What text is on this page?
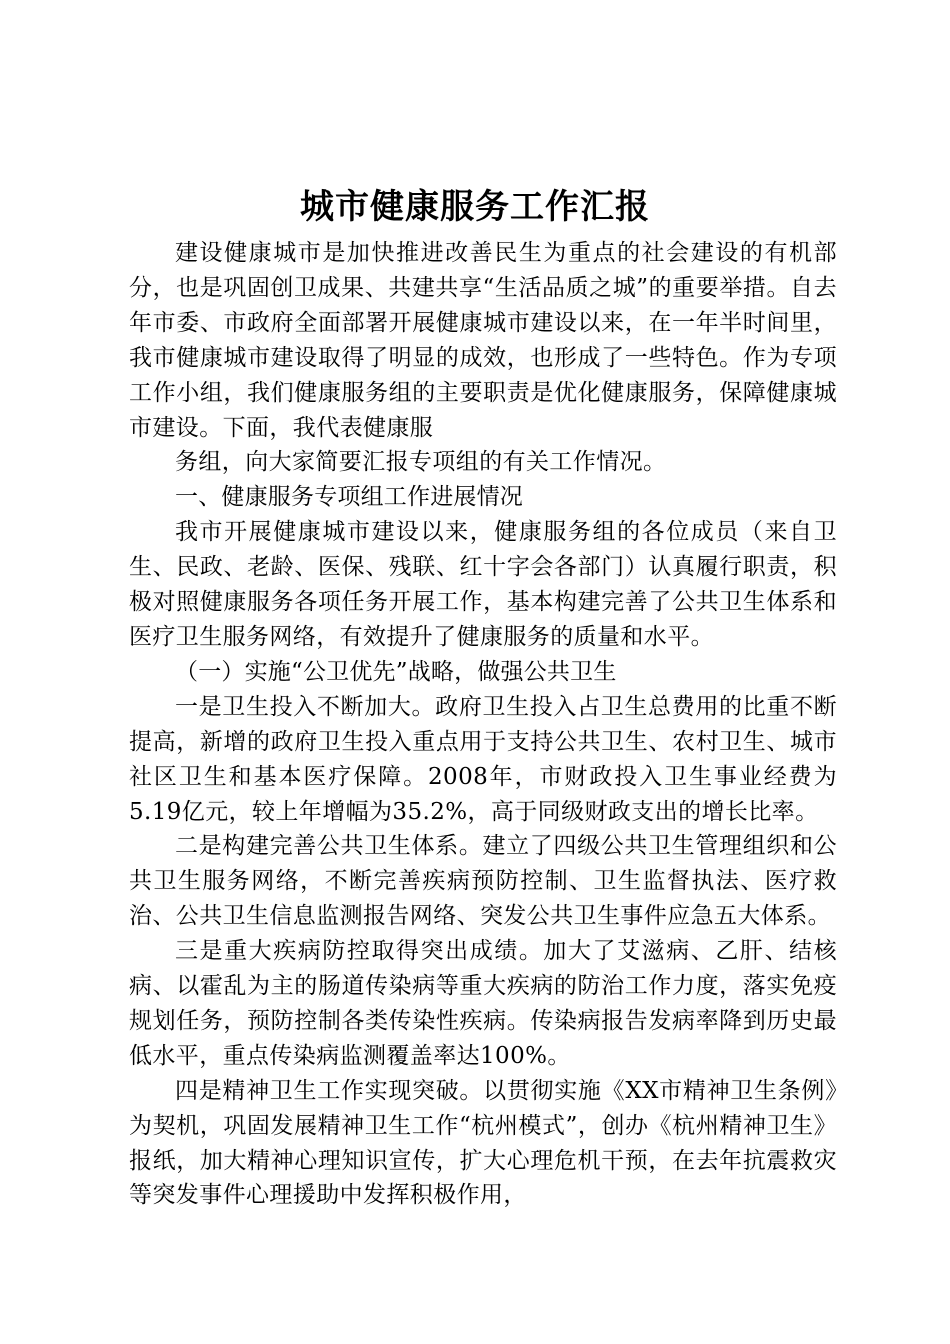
城市健康服务工作汇报

建设健康城市是加快推进改善民生为重点的社会建设的有机部分，也是巩固创卫成果、共建共享“生活品质之城”的重要举措。自去年市委、市政府全面部署开展健康城市建设以来，在一年半时间里，我市健康城市建设取得了明显的成效，也形成了一些特色。作为专项工作小组，我们健康服务组的主要职责是优化健康服务，保障健康城市建设。下面，我代表健康服

务组，向大家简要汇报专项组的有关工作情况。

一、健康服务专项组工作进展情况

我市开展健康城市建设以来，健康服务组的各位成员（来自卫生、民政、老龄、医保、残联、红十字会各部门）认真履行职责，积极对照健康服务各项任务开展工作，基本构建完善了公共卫生体系和医疗卫生服务网络，有效提升了健康服务的质量和水平。

（一）实施“公卫优先”战略，做强公共卫生

一是卫生投入不断加大。政府卫生投入占卫生总费用的比重不断提高，新增的政府卫生投入重点用于支持公共卫生、农村卫生、城市社区卫生和基本医疗保障。2008年，市财政投入卫生事业经费为5.19亿元，较上年增幅为35.2%，高于同级财政支出的增长比率。

二是构建完善公共卫生体系。建立了四级公共卫生管理组织和公共卫生服务网络，不断完善疾病预防控制、卫生监督执法、医疗救治、公共卫生信息监测报告网络、突发公共卫生事件应急五大体系。

三是重大疾病防控取得突出成绩。加大了艾滋病、乙肝、结核病、以霍乱为主的肠道传染病等重大疾病的防治工作力度，落实免疫规划任务，预防控制各类传染性疾病。传染病报告发病率降到历史最低水平，重点传染病监测覆盖率达100%。

四是精神卫生工作实现突破。以贯彻实施《XX市精神卫生条例》为契机，巩固发展精神卫生工作“杭州模式”，创办《杭州精神卫生》报纸，加大精神心理知识宣传，扩大心理危机干预，在去年抗震救灾等突发事件心理援助中发挥积极作用，
